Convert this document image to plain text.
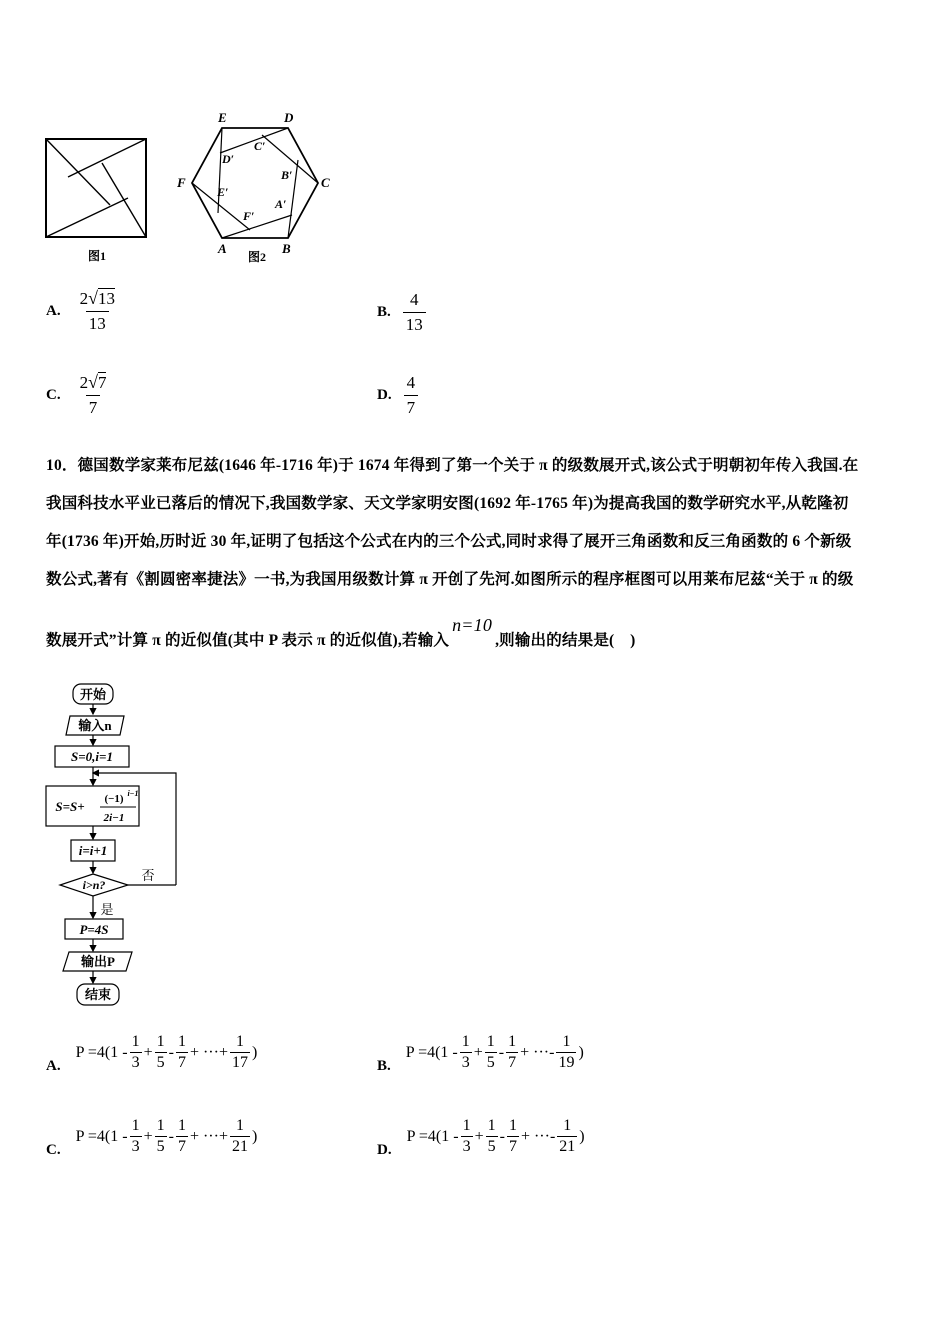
图1
E	D
C
B
A
F
C′
D′
B′
E′
A′
F′
图2
A. $\frac{2√13}{13}$	B. $\frac{4}{13}$
C. $\frac{2√7}{7}$	D. $\frac{4}{7}$
10．德国数学家莱布尼兹(1646 年-1716 年)于 1674 年得到了第一个关于 π 的级数展开式,该公式于明朝初年传入我国.在
我国科技水平业已落后的情况下,我国数学家、天文学家明安图(1692 年-1765 年)为提高我国的数学研究水平,从乾隆初
年(1736 年)开始,历时近 30 年,证明了包括这个公式在内的三个公式,同时求得了展开三角函数和反三角函数的 6 个新级
数公式,著有《割圆密率捷法》一书,为我国用级数计算 π 开创了先河.如图所示的程序框图可以用莱布尼兹“关于 π 的级
数展开式”计算 π 的近似值(其中 P 表示 π 的近似值),若输入n=10,则输出的结果是(　)
开始
输入n
S=0,i=1
S=S+ (−1) i−1
2i−1
i=i+1
i>n?
否
是
P=4S
输出P
结束
A.
$P =4(1 - \frac{1}{3} + \frac{1}{5} - \frac{1}{7}$ + ···+ $\frac{1}{17}$ )
B.
$P =4(1 - \frac{1}{3} + \frac{1}{5} - \frac{1}{7}$ + ···- $\frac{1}{19}$ )
C.
$P =4(1 - \frac{1}{3} + \frac{1}{5} - \frac{1}{7}$ + ···+ $\frac{1}{21}$ )
D.
$P =4(1 - \frac{1}{3} + \frac{1}{5} - \frac{1}{7}$ + ···- $\frac{1}{21}$ )
